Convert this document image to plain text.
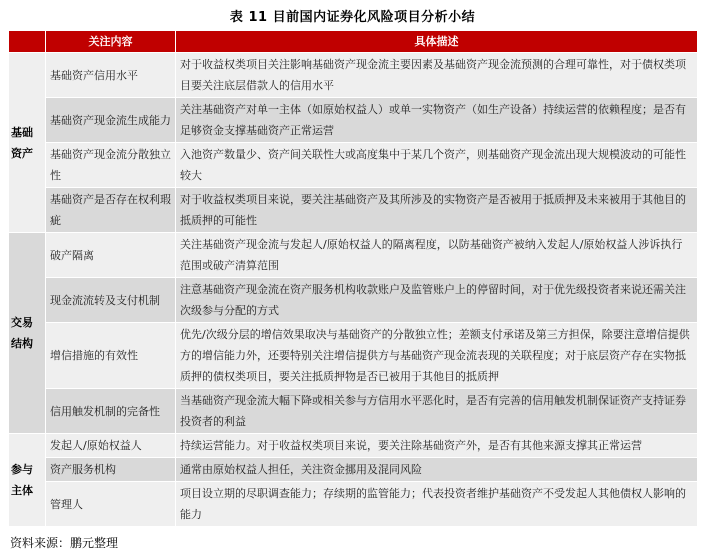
表 11 目前国内证券化风险项目分析小结
	关注内容	具体描述
基础资产	基础资产信用水平	对于收益权类项目关注影响基础资产现金流主要因素及基础资产现金流预测的合理可靠性，对于债权类项目要关注底层借款人的信用水平
	基础资产现金流生成能力	关注基础资产对单一主体（如原始权益人）或单一实物资产（如生产设备）持续运营的依赖程度；是否有足够资金支撑基础资产正常运营
	基础资产现金流分散独立性	入池资产数量少、资产间关联性大或高度集中于某几个资产，则基础资产现金流出现大规模波动的可能性较大
	基础资产是否存在权利瑕疵	对于收益权类项目来说，要关注基础资产及其所涉及的实物资产是否被用于抵质押及未来被用于其他目的抵质押的可能性
交易结构	破产隔离	关注基础资产现金流与发起人/原始权益人的隔离程度，以防基础资产被纳入发起人/原始权益人涉诉执行范围或破产清算范围
	现金流流转及支付机制	注意基础资产现金流在资产服务机构收款账户及监管账户上的停留时间，对于优先级投资者来说还需关注次级参与分配的方式
	增信措施的有效性	优先/次级分层的增信效果取决与基础资产的分散独立性；差额支付承诺及第三方担保，除要注意增信提供方的增信能力外，还要特别关注增信提供方与基础资产现金流表现的关联程度；对于底层资产存在实物抵质押的债权类项目，要关注抵质押物是否已被用于其他目的抵质押
	信用触发机制的完备性	当基础资产现金流大幅下降或相关参与方信用水平恶化时，是否有完善的信用触发机制保证资产支持证券投资者的利益
参与主体	发起人/原始权益人	持续运营能力。对于收益权类项目来说，要关注除基础资产外，是否有其他来源支撑其正常运营
	资产服务机构	通常由原始权益人担任，关注资金挪用及混同风险
	管理人	项目设立期的尽职调查能力；存续期的监管能力；代表投资者维护基础资产不受发起人其他债权人影响的能力
资料来源：鹏元整理
